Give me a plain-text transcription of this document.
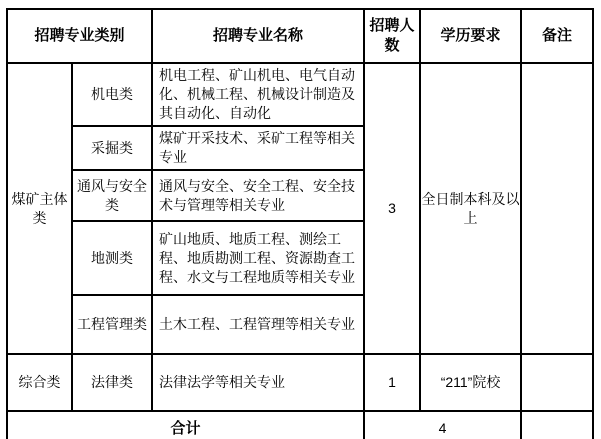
招聘专业类别		招聘专业名称	招聘人数	学历要求	备注
煤矿主体类	机电类	机电工程、矿山机电、电气自动化、机械工程、机械设计制造及其自动化、自动化	3	全日制本科及以上	
	采掘类	煤矿开采技术、采矿工程等相关专业			
	通风与安全类	通风与安全、安全工程、安全技术与管理等相关专业			
	地测类	矿山地质、地质工程、测绘工程、地质勘测工程、资源勘查工程、水文与工程地质等相关专业			
	工程管理类	土木工程、工程管理等相关专业			
综合类	法律类	法律法学等相关专业	1	“211”院校	
合计			4		
